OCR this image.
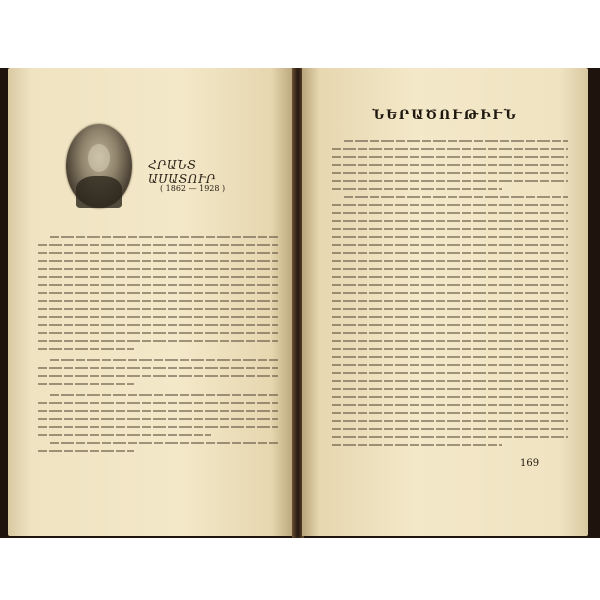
ՀՐԱՆՏ ԱՍԱՏՈՒՐ
( 1862 — 1928 )
ՆԵՐԱԾՈՒԹԻՒՆ
169
